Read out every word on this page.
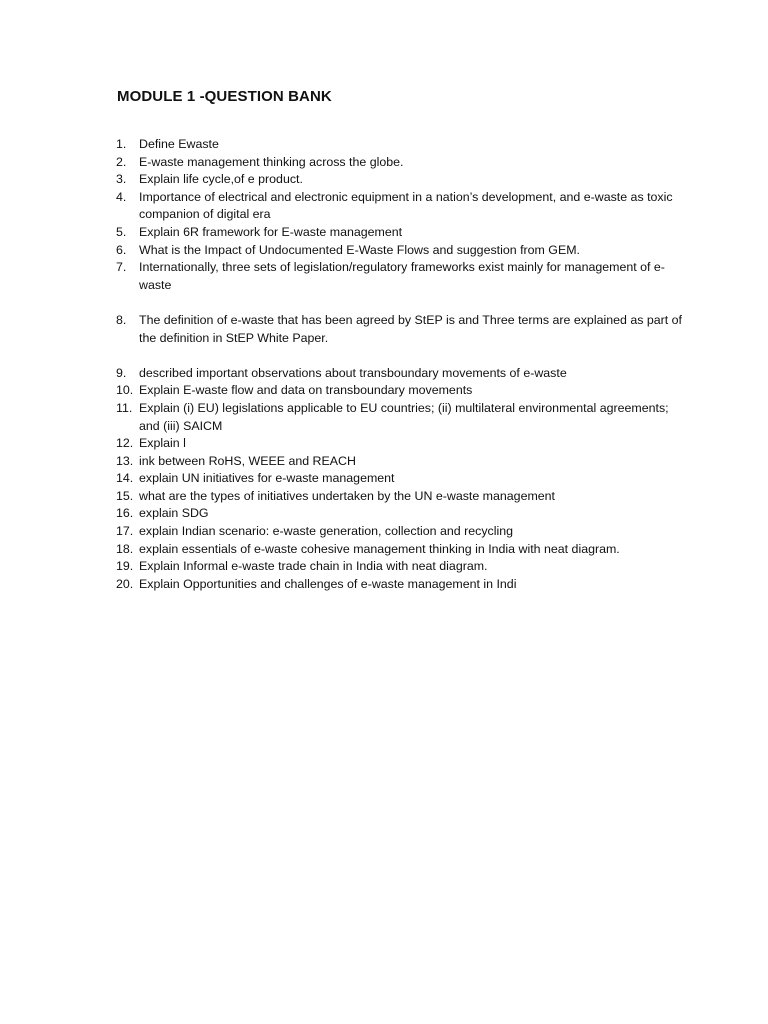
MODULE 1 -QUESTION BANK
1.	Define Ewaste
2.	E-waste management thinking across the globe.
3.	Explain life cycle,of e product.
4.	Importance of electrical and electronic equipment in a nation’s development, and e-waste as toxic companion of digital era
5.	Explain 6R framework for E-waste management
6.	What is the Impact of Undocumented E-Waste Flows and suggestion from GEM.
7.	Internationally, three sets of legislation/regulatory frameworks exist mainly for management of e-waste
8.	The definition of e-waste that has been agreed by StEP is and Three terms are explained as part of the definition in StEP White Paper.
9.	described important observations about transboundary movements of e-waste
10. Explain E-waste flow and data on transboundary movements
11. Explain (i) EU) legislations applicable to EU countries; (ii) multilateral environmental agreements; and (iii) SAICM
12. Explain l
13. ink between RoHS, WEEE and REACH
14. explain UN initiatives for e-waste management
15. what are the types of initiatives undertaken by the UN e-waste management
16. explain SDG
17. explain Indian scenario: e-waste generation, collection and recycling
18. explain essentials of e-waste cohesive management thinking in India with neat diagram.
19. Explain Informal e-waste trade chain in India with neat diagram.
20. Explain Opportunities and challenges of e-waste management in Indi
